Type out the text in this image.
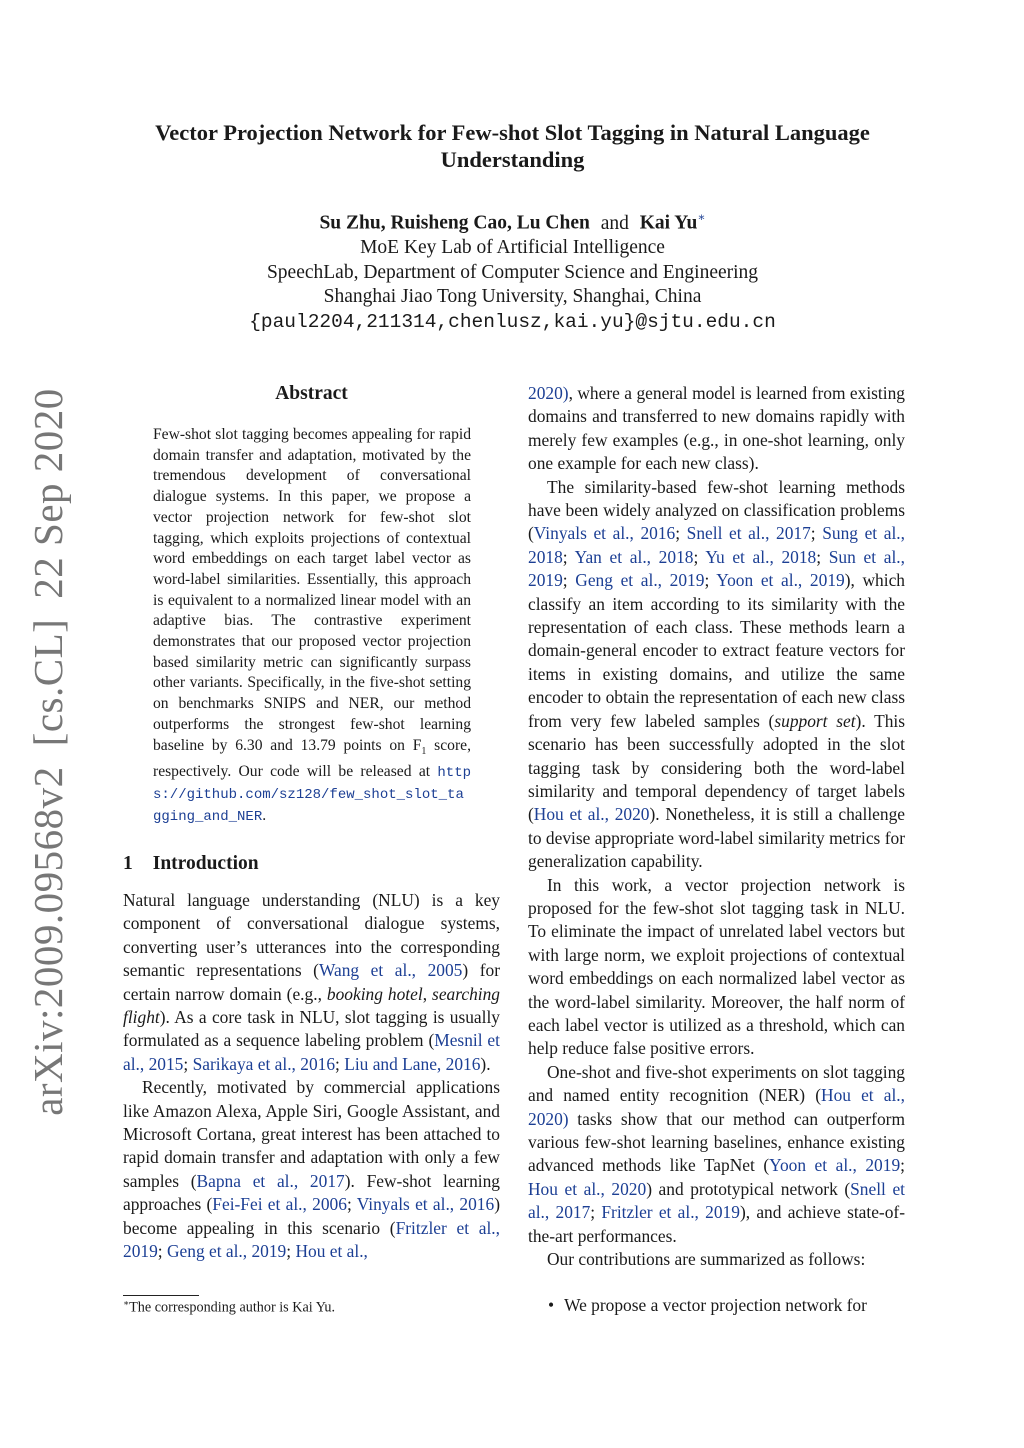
arXiv:2009.09568v2[cs.CL]22 Sep 2020
Vector Projection Network for Few-shot Slot Tagging in Natural Language Understanding
Su Zhu, Ruisheng Cao, Lu Chen and Kai Yu∗
MoE Key Lab of Artificial Intelligence
SpeechLab, Department of Computer Science and Engineering
Shanghai Jiao Tong University, Shanghai, China
{paul2204,211314,chenlusz,kai.yu}@sjtu.edu.cn
Abstract

Few-shot slot tagging becomes appealing for rapid domain transfer and adaptation, motivated by the tremendous development of conversational dialogue systems. In this paper, we propose a vector projection network for few-shot slot tagging, which exploits projections of contextual word embeddings on each target label vector as word-label similarities. Essentially, this approach is equivalent to a normalized linear model with an adaptive bias. The contrastive experiment demonstrates that our proposed vector projection based similarity metric can significantly surpass other variants. Specifically, in the five-shot setting on benchmarks SNIPS and NER, our method outperforms the strongest few-shot learning baseline by 6.30 and 13.79 points on $F_1$ score, respectively. Our code will be released at https://github.com/sz128/few_shot_slot_tagging_and_NER.

1 Introduction

Natural language understanding (NLU) is a key component of conversational dialogue systems, converting user’s utterances into the corresponding semantic representations (Wang et al., 2005) for certain narrow domain (e.g., booking hotel, searching flight). As a core task in NLU, slot tagging is usually formulated as a sequence labeling problem (Mesnil et al., 2015; Sarikaya et al., 2016; Liu and Lane, 2016).

Recently, motivated by commercial applications like Amazon Alexa, Apple Siri, Google Assistant, and Microsoft Cortana, great interest has been attached to rapid domain transfer and adaptation with only a few samples (Bapna et al., 2017). Few-shot learning approaches (Fei-Fei et al., 2006; Vinyals et al., 2016) become appealing in this scenario (Fritzler et al., 2019; Geng et al., 2019; Hou et al.,

2020), where a general model is learned from existing domains and transferred to new domains rapidly with merely few examples (e.g., in one-shot learning, only one example for each new class).

The similarity-based few-shot learning methods have been widely analyzed on classification problems (Vinyals et al., 2016; Snell et al., 2017; Sung et al., 2018; Yan et al., 2018; Yu et al., 2018; Sun et al., 2019; Geng et al., 2019; Yoon et al., 2019), which classify an item according to its similarity with the representation of each class. These methods learn a domain-general encoder to extract feature vectors for items in existing domains, and utilize the same encoder to obtain the representation of each new class from very few labeled samples (support set). This scenario has been successfully adopted in the slot tagging task by considering both the word-label similarity and temporal dependency of target labels (Hou et al., 2020). Nonetheless, it is still a challenge to devise appropriate word-label similarity metrics for generalization capability.

In this work, a vector projection network is proposed for the few-shot slot tagging task in NLU. To eliminate the impact of unrelated label vectors but with large norm, we exploit projections of contextual word embeddings on each normalized label vector as the word-label similarity. Moreover, the half norm of each label vector is utilized as a threshold, which can help reduce false positive errors.

One-shot and five-shot experiments on slot tagging and named entity recognition (NER) (Hou et al., 2020) tasks show that our method can outperform various few-shot learning baselines, enhance existing advanced methods like TapNet (Yoon et al., 2019; Hou et al., 2020) and prototypical network (Snell et al., 2017; Fritzler et al., 2019), and achieve state-of-the-art performances.

Our contributions are summarized as follows:

∗The corresponding author is Kai Yu.	• We propose a vector projection network for
